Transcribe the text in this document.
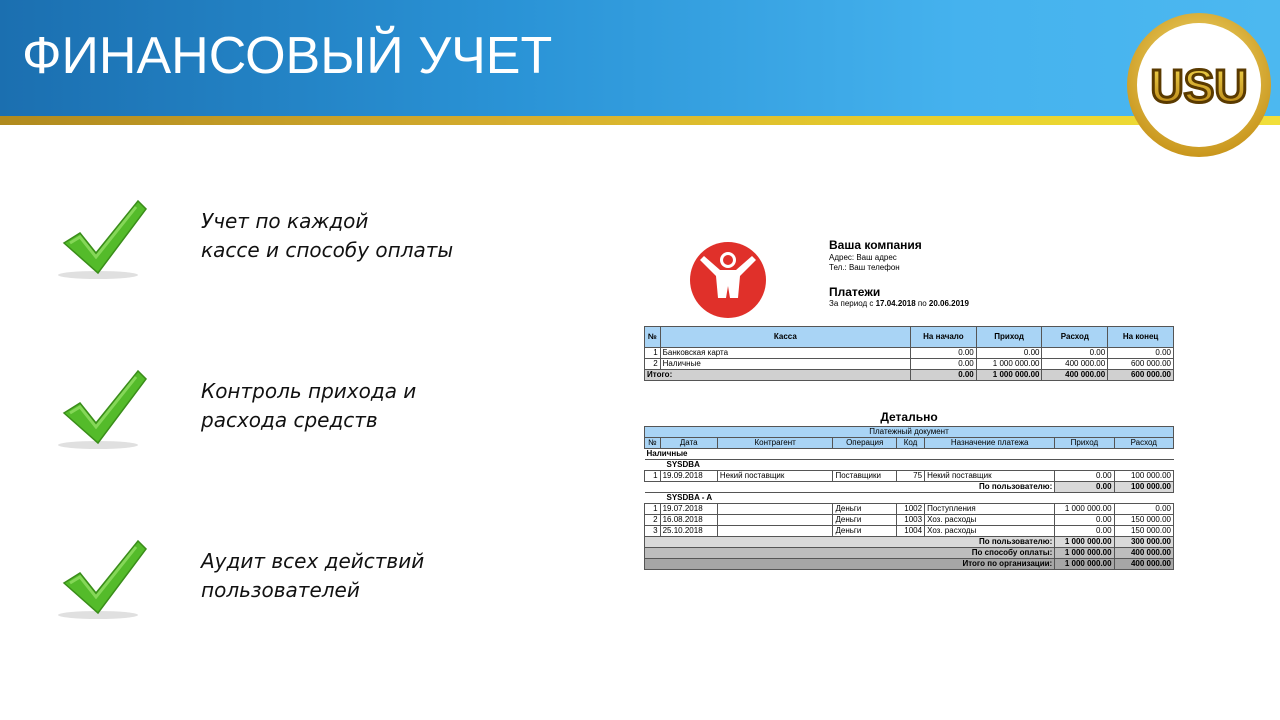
ФИНАНСОВЫЙ УЧЕТ
USU
Учет по каждой
кассе и способу оплаты
Контроль прихода и
расхода средств
Аудит всех действий
пользователей
Ваша компания
Адрес: Ваш адрес
Тел.: Ваш телефон
Платежи
За период с 17.04.2018 по 20.06.2019
№	Касса	На начало	Приход	Расход	На конец
1	Банковская карта	0.00	0.00	0.00	0.00
2	Наличные	0.00	1 000 000.00	400 000.00	600 000.00
Итого:		0.00	1 000 000.00	400 000.00	600 000.00
Детально
Платежный документ							
№	Дата	Контрагент	Операция	Код	Назначение платежа	Приход	Расход
Наличные							
SYSDBA							
1	19.09.2018	Некий поставщик	Поставщики	75	Некий поставщик	0.00	100 000.00
По пользователю:						0.00	100 000.00
SYSDBA - A							
1	19.07.2018		Деньги	1002	Поступления	1 000 000.00	0.00
2	16.08.2018		Деньги	1003	Хоз. расходы	0.00	150 000.00
3	25.10.2018		Деньги	1004	Хоз. расходы	0.00	150 000.00
По пользователю:						1 000 000.00	300 000.00
По способу оплаты:						1 000 000.00	400 000.00
Итого по организации:						1 000 000.00	400 000.00
